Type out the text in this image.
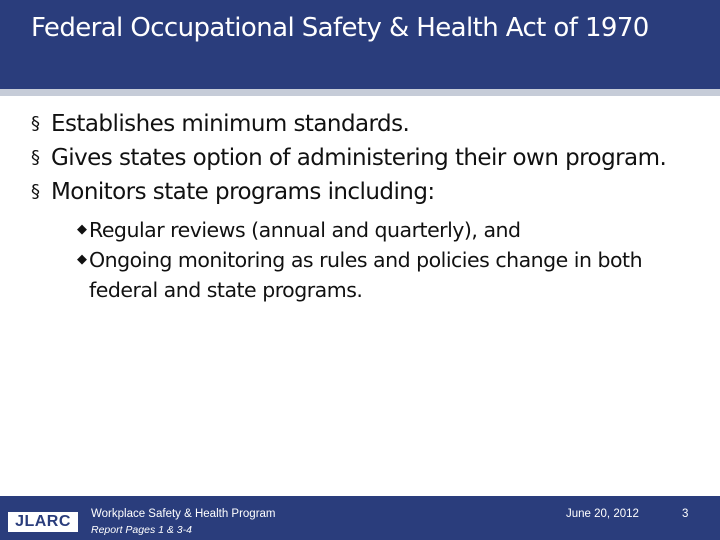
Federal Occupational Safety & Health Act of 1970
§ Establishes minimum standards.
§ Gives states option of administering their own program.
§ Monitors state programs including:
◆ Regular reviews (annual and quarterly), and
◆ Ongoing monitoring as rules and policies change in both federal and state programs.
JLARC	Workplace Safety & Health Program
Report Pages 1 & 3-4
June 20, 2012	3
